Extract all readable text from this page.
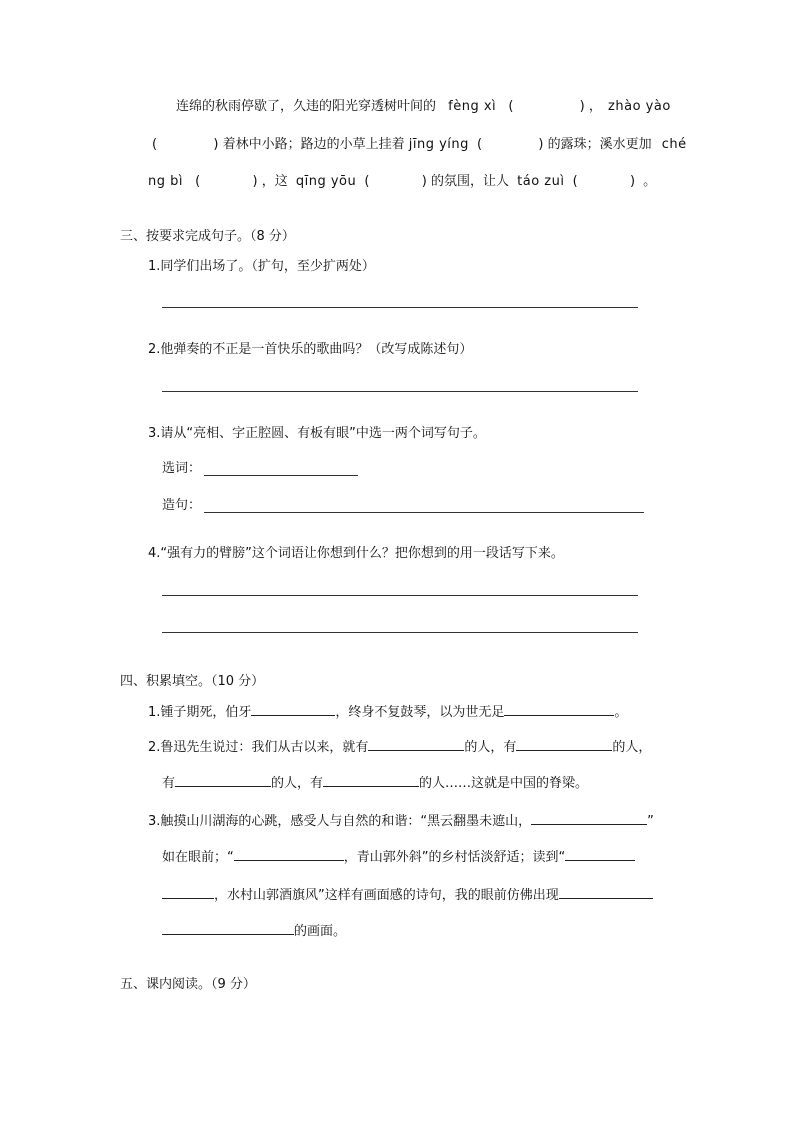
连绵的秋雨停歇了，久违的阳光穿透树叶间的 fèng xì (	) ， zhào yào
(	) 着林中小路；路边的小草上挂着 jīng yíng (	) 的露珠；溪水更加 ché
ng bì (	) ，这 qīng yōu (	) 的氛围，让人 táo zuì (	) 。
三、按要求完成句子。（8 分）
1.同学们出场了。（扩句，至少扩两处）
2.他弹奏的不正是一首快乐的歌曲吗？（改写成陈述句）
3.请从“亮相、字正腔圆、有板有眼”中选一两个词写句子。
选词：
造句：
4.“强有力的臂膀”这个词语让你想到什么？把你想到的用一段话写下来。
四、积累填空。（10 分）
1.锺子期死，伯牙	，终身不复鼓琴，以为世无足	。
2.鲁迅先生说过：我们从古以来，就有	的人，有	的人，
有	的人，有	的人……这就是中国的脊梁。
3.触摸山川湖海的心跳，感受人与自然的和谐：“黑云翻墨未遮山，	”
如在眼前；“	，青山郭外斜”的乡村恬淡舒适；读到“
，水村山郭酒旗风”这样有画面感的诗句，我的眼前仿佛出现
的画面。
五、课内阅读。（9 分）
